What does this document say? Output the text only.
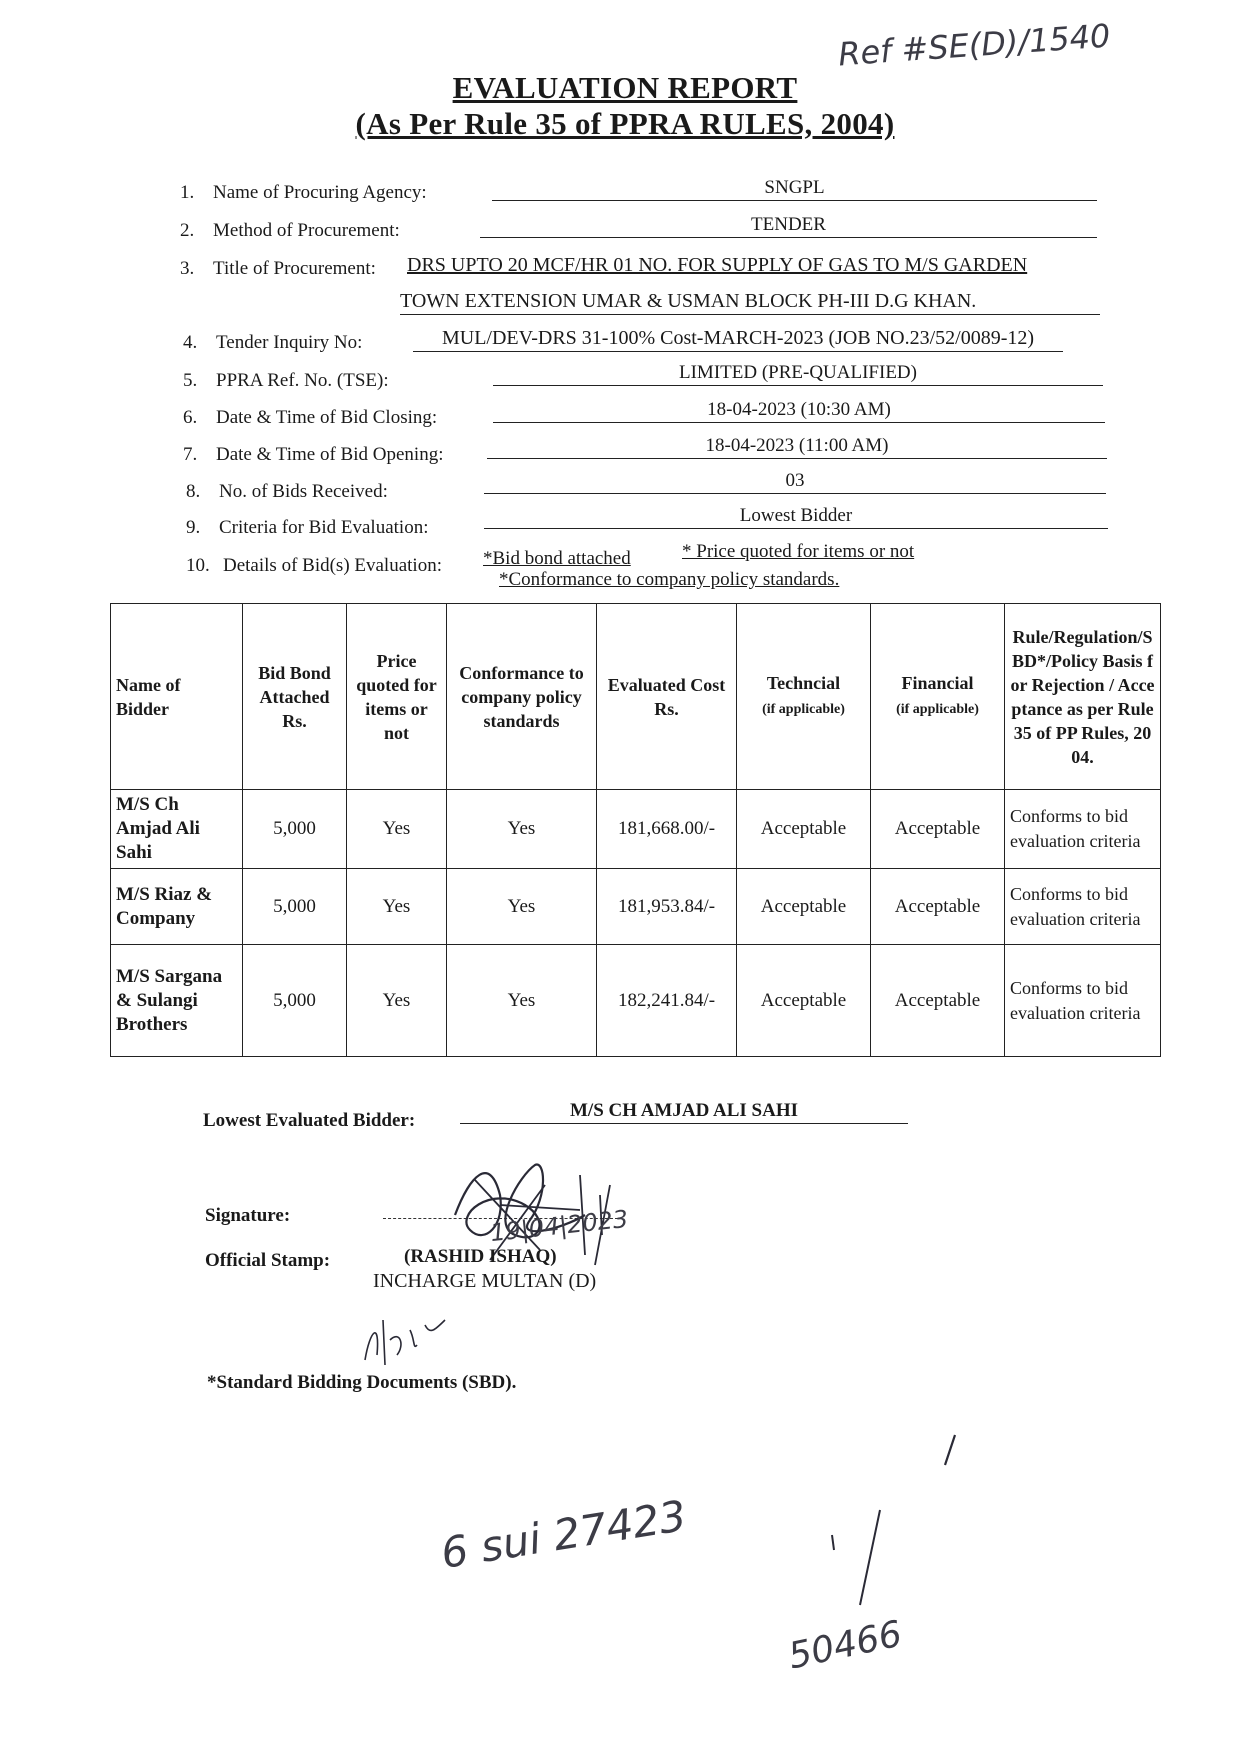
Ref #SE(D)/1540
EVALUATION REPORT
(As Per Rule 35 of PPRA RULES, 2004)
1. Name of Procuring Agency:	SNGPL
2. Method of Procurement:	TENDER
3. Title of Procurement: DRS UPTO 20 MCF/HR 01 NO. FOR SUPPLY OF GAS TO M/S GARDEN
TOWN EXTENSION UMAR & USMAN BLOCK PH-III D.G KHAN.
4. Tender Inquiry No:	MUL/DEV-DRS 31-100% Cost-MARCH-2023 (JOB NO.23/52/0089-12)
5. PPRA Ref. No. (TSE):	LIMITED (PRE-QUALIFIED)
6. Date & Time of Bid Closing:	18-04-2023 (10:30 AM)
7. Date & Time of Bid Opening:	18-04-2023 (11:00 AM)
8. No. of Bids Received:
03
9. Criteria for Bid Evaluation:
Lowest Bidder
10. Details of Bid(s) Evaluation: *Bid bond attached	* Price quoted for items or not
*Conformance to company policy standards.
Name of Bidder	Bid Bond Attached Rs.	Price quoted for items or not	Conformance to company policy standards	Evaluated Cost Rs.	Techncial
(if applicable)	Financial
(if applicable)	Rule/Regulation/SBD*/Policy Basis for Rejection / Acceptance as per Rule 35 of PP Rules, 2004.
M/S Ch Amjad Ali Sahi	5,000	Yes	Yes	181,668.00/-	Acceptable	Acceptable	Conforms to bid evaluation criteria
M/S Riaz & Company	5,000	Yes	Yes	181,953.84/-	Acceptable	Acceptable	Conforms to bid evaluation criteria
M/S Sargana & Sulangi Brothers	5,000	Yes	Yes	182,241.84/-	Acceptable	Acceptable	Conforms to bid evaluation criteria
Lowest Evaluated Bidder:	M/S CH AMJAD ALI SAHI
Signature:	19|04|2023
Official Stamp:	(RASHID ISHAQ)
INCHARGE MULTAN (D)
*Standard Bidding Documents (SBD).
6 sui 27423
50466
